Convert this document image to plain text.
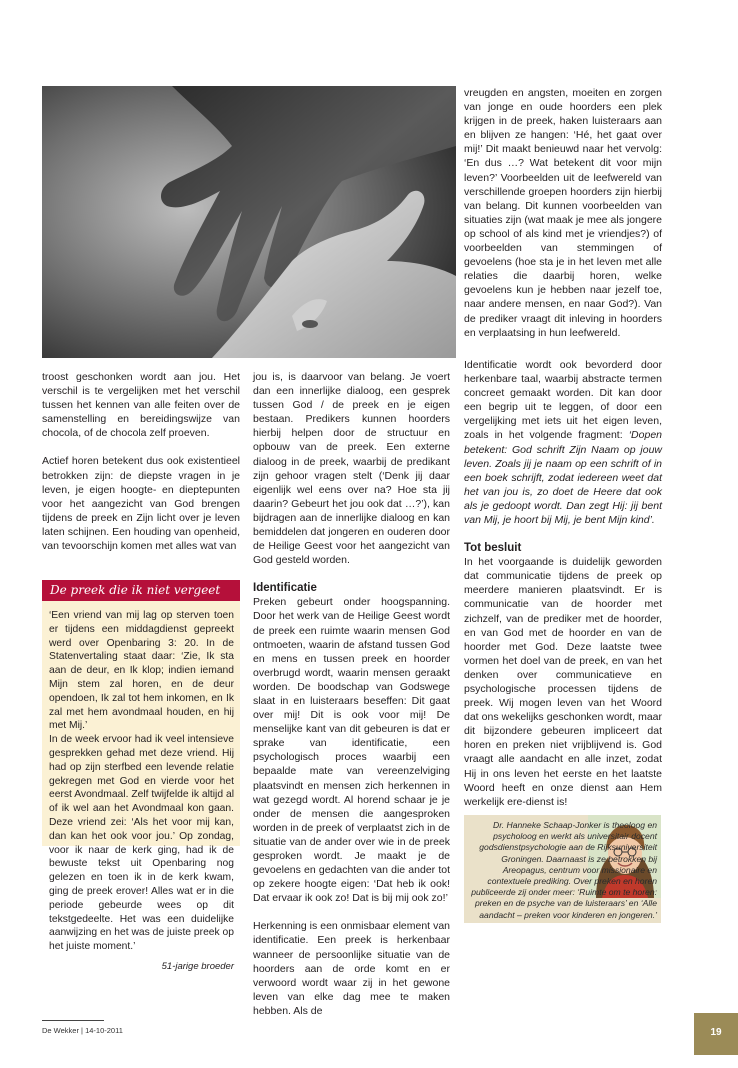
vreugden en angsten, moeiten en zorgen van jonge en oude hoorders een plek krijgen in de preek, haken luisteraars aan en blijven ze hangen: ‘Hé, het gaat over mij!’ Dit maakt benieuwd naar het vervolg: ‘En dus …? Wat betekent dit voor mijn leven?’ Voorbeelden uit de leefwereld van verschillende groepen hoorders zijn hierbij van belang. Dit kunnen voorbeelden van situaties zijn (wat maak je mee als jongere op school of als kind met je vriendjes?) of voorbeelden van stemmingen of gevoelens (hoe sta je in het leven met alle relaties die daarbij horen, welke gevoelens kun je hebben naar jezelf toe, naar andere mensen, en naar God?). Van de prediker vraagt dit inleving in hoorders en verplaatsing in hun leefwereld.

troost geschonken wordt aan jou. Het verschil is te vergelijken met het verschil tussen het kennen van alle feiten over de samenstelling en bereidingswijze van chocola, of de chocola zelf proeven.

Actief horen betekent dus ook existentieel betrokken zijn: de diepste vragen in je leven, je eigen hoogte- en dieptepunten voor het aangezicht van God brengen tijdens de preek en Zijn licht over je leven laten schijnen. Een houding van openheid, van tevoorschijn komen met alles wat van

De preek die ik niet vergeet

‘Een vriend van mij lag op sterven toen er tijdens een middagdienst gepreekt werd over Openbaring 3: 20. In de Statenvertaling staat daar: ‘Zie, Ik sta aan de deur, en Ik klop; indien iemand Mijn stem zal horen, en de deur opendoen, Ik zal tot hem inkomen, en Ik zal met hem avondmaal houden, en hij met Mij.’

In de week ervoor had ik veel intensieve gesprekken gehad met deze vriend. Hij had op zijn sterfbed een levende relatie gekregen met God en vierde voor het eerst Avondmaal. Zelf twijfelde ik altijd al of ik wel aan het Avondmaal kon gaan. Deze vriend zei: ‘Als het voor mij kan, dan kan het ook voor jou.’ Op zondag, voor ik naar de kerk ging, had ik de bewuste tekst uit Openbaring nog gelezen en toen ik in de kerk kwam, ging de preek erover! Alles wat er in die periode gebeurde wees op dit tekstgedeelte. Het was een duidelijke aanwijzing en het was de juiste preek op het juiste moment.’

51-jarige broeder

jou is, is daarvoor van belang. Je voert dan een innerlijke dialoog, een gesprek tussen God / de preek en je eigen bestaan. Predikers kunnen hoorders hierbij helpen door de structuur en opbouw van de preek. Een externe dialoog in de preek, waarbij de predikant zijn gehoor vragen stelt (‘Denk jij daar eigenlijk wel eens over na? Hoe sta jij daarin? Gebeurt het jou ook dat …?’), kan bijdragen aan de innerlijke dialoog en kan bemiddelen dat jongeren en ouderen door de Heilige Geest voor het aangezicht van God gesteld worden.

Identificatie

Preken gebeurt onder hoogspanning. Door het werk van de Heilige Geest wordt de preek een ruimte waarin mensen God ontmoeten, waarin de afstand tussen God en mens en tussen preek en hoorder overbrugd wordt, waarin mensen geraakt worden. De boodschap van Godswege slaat in en luisteraars beseffen: Dit gaat over mij! Dit is ook voor mij! De menselijke kant van dit gebeuren is dat er sprake van identificatie, een psychologisch proces waarbij een bepaalde mate van vereenzelviging plaatsvindt en mensen zich herkennen in wat gezegd wordt. Al horend schaar je je onder de mensen die aangesproken worden in de preek of verplaatst zich in de situatie van de ander over wie in de preek gesproken wordt. Je maakt je de gevoelens en gedachten van die ander tot op zekere hoogte eigen: ‘Dat heb ik ook! Dat ervaar ik ook zo! Dat is bij mij ook zo!’

Herkenning is een onmisbaar element van identificatie. Een preek is herkenbaar wanneer de persoonlijke situatie van de hoorders aan de orde komt en er verwoord wordt waar zij in het gewone leven van elke dag mee te maken hebben. Als de

Identificatie wordt ook bevorderd door herkenbare taal, waarbij abstracte termen concreet gemaakt worden. Dit kan door een begrip uit te leggen, of door een vergelijking met iets uit het eigen leven, zoals in het volgende fragment: ‘Dopen betekent: God schrift Zijn Naam op jouw leven. Zoals jij je naam op een schrift of in een boek schrijft, zodat iedereen weet dat het van jou is, zo doet de Heere dat ook als je gedoopt wordt. Dan zegt Hij: jij bent van Mij, je hoort bij Mij, je bent Mijn kind’.

Tot besluit

In het voorgaande is duidelijk geworden dat communicatie tijdens de preek op meerdere manieren plaatsvindt. Er is communicatie van de hoorder met zichzelf, van de prediker met de hoorder, en van God met de hoorder en van de hoorder met God. Deze laatste twee vormen het doel van de preek, en van het denken over communicatieve en psychologische processen tijdens de preek. Wij mogen leven van het Woord dat ons wekelijks geschonken wordt, maar dit bijzondere gebeuren impliceert dat horen en preken niet vrijblijvend is. God vraagt alle aandacht en alle inzet, zodat Hij in ons leven het eerste en het laatste Woord heeft en onze dienst aan Hem werkelijk ere-dienst is!

Dr. Hanneke Schaap-Jonker is theoloog en psycholoog en werkt als universitair docent godsdienstpsychologie aan de Rijksuniversiteit Groningen. Daarnaast is ze betrokken bij Areopagus, centrum voor missionaire en contextuele prediking. Over preken en horen publiceerde zij onder meer: ‘Ruimte om te horen: preken en de psyche van de luisteraars’ en ‘Alle aandacht – preken voor kinderen en jongeren.’
De Wekker | 14-10-2011	19
